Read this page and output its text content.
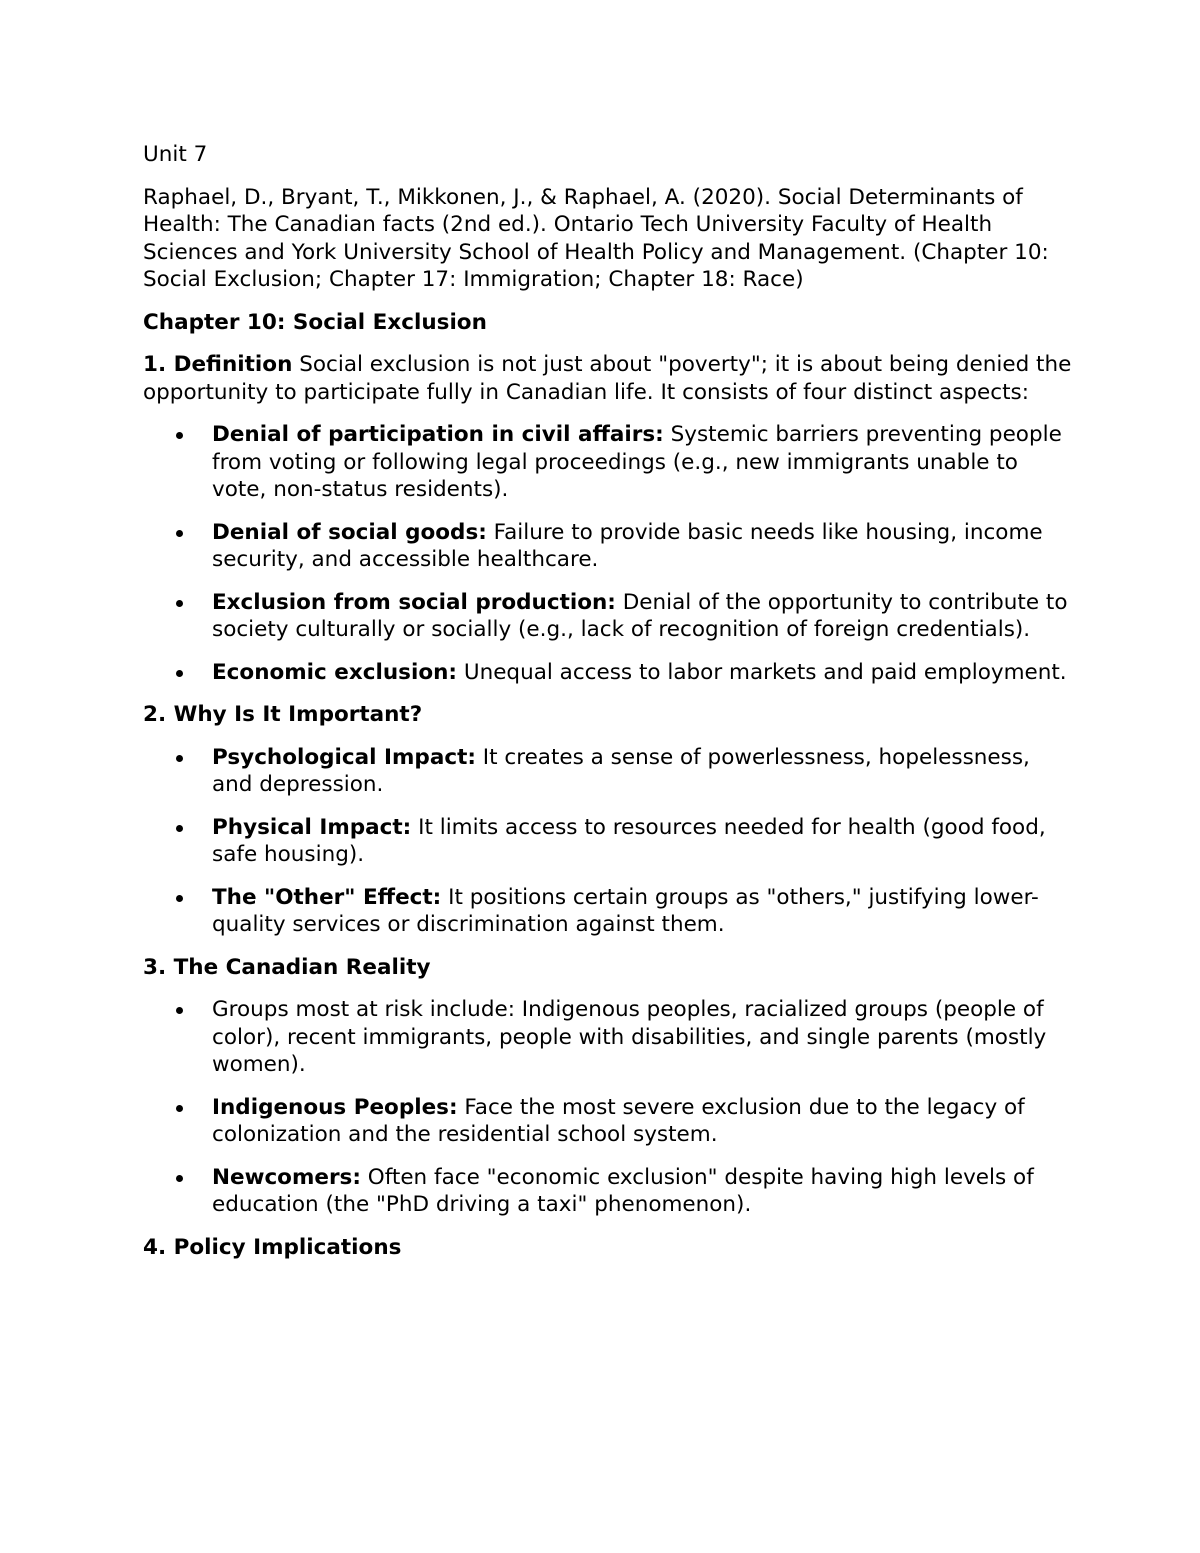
Unit 7

Raphael, D., Bryant, T., Mikkonen, J., & Raphael, A. (2020). Social Determinants of Health: The Canadian facts (2nd ed.). Ontario Tech University Faculty of Health Sciences and York University School of Health Policy and Management. (Chapter 10: Social Exclusion; Chapter 17: Immigration; Chapter 18: Race)

Chapter 10: Social Exclusion

1. Definition Social exclusion is not just about "poverty"; it is about being denied the opportunity to participate fully in Canadian life. It consists of four distinct aspects:

Denial of participation in civil affairs: Systemic barriers preventing people from voting or following legal proceedings (e.g., new immigrants unable to vote, non-status residents).
Denial of social goods: Failure to provide basic needs like housing, income security, and accessible healthcare.
Exclusion from social production: Denial of the opportunity to contribute to society culturally or socially (e.g., lack of recognition of foreign credentials).
Economic exclusion: Unequal access to labor markets and paid employment.
2. Why Is It Important?
Psychological Impact: It creates a sense of powerlessness, hopelessness, and depression.
Physical Impact: It limits access to resources needed for health (good food, safe housing).
The "Other" Effect: It positions certain groups as "others," justifying lower-quality services or discrimination against them.
3. The Canadian Reality
Groups most at risk include: Indigenous peoples, racialized groups (people of color), recent immigrants, people with disabilities, and single parents (mostly women).
Indigenous Peoples: Face the most severe exclusion due to the legacy of colonization and the residential school system.
Newcomers: Often face "economic exclusion" despite having high levels of education (the "PhD driving a taxi" phenomenon).
4. Policy Implications
